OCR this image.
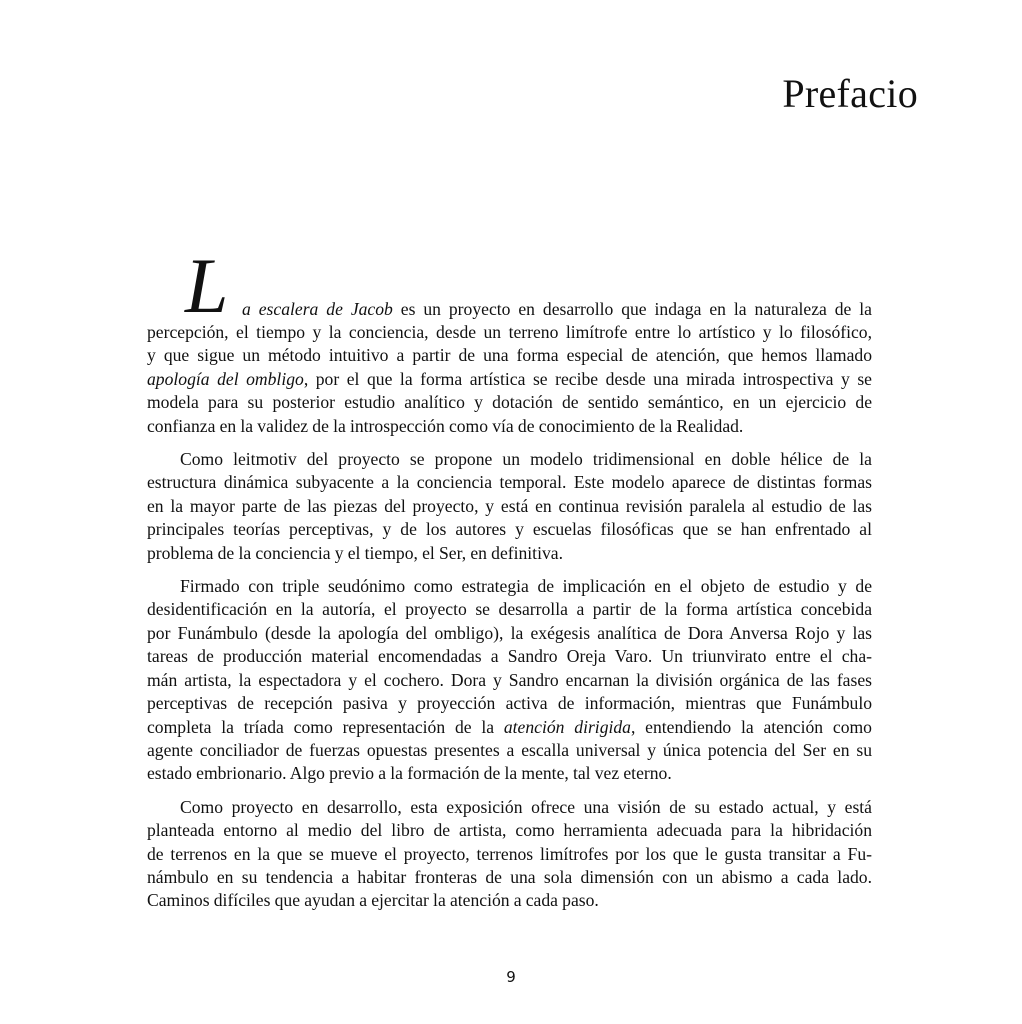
Prefacio
L a escalera de Jacob es un proyecto en desarrollo que indaga en la naturaleza de la
percepción, el tiempo y la conciencia, desde un terreno limítrofe entre lo artístico y lo filosófico,
y que sigue un método intuitivo a partir de una forma especial de atención, que hemos llamado
apología del ombligo, por el que la forma artística se recibe desde una mirada introspectiva y se
modela para su posterior estudio analítico y dotación de sentido semántico, en un ejercicio de
confianza en la validez de la introspección como vía de conocimiento de la Realidad.
Como leitmotiv del proyecto se propone un modelo tridimensional en doble hélice de la
estructura dinámica subyacente a la conciencia temporal. Este modelo aparece de distintas formas
en la mayor parte de las piezas del proyecto, y está en continua revisión paralela al estudio de las
principales teorías perceptivas, y de los autores y escuelas filosóficas que se han enfrentado al
problema de la conciencia y el tiempo, el Ser, en definitiva.
Firmado con triple seudónimo como estrategia de implicación en el objeto de estudio y de
desidentificación en la autoría, el proyecto se desarrolla a partir de la forma artística concebida
por Funámbulo (desde la apología del ombligo), la exégesis analítica de Dora Anversa Rojo y las
tareas de producción material encomendadas a Sandro Oreja Varo. Un triunvirato entre el cha-
mán artista, la espectadora y el cochero. Dora y Sandro encarnan la división orgánica de las fases
perceptivas de recepción pasiva y proyección activa de información, mientras que Funámbulo
completa la tríada como representación de la atención dirigida, entendiendo la atención como
agente conciliador de fuerzas opuestas presentes a escalla universal y única potencia del Ser en su
estado embrionario. Algo previo a la formación de la mente, tal vez eterno.
Como proyecto en desarrollo, esta exposición ofrece una visión de su estado actual, y está
planteada entorno al medio del libro de artista, como herramienta adecuada para la hibridación
de terrenos en la que se mueve el proyecto, terrenos limítrofes por los que le gusta transitar a Fu-
námbulo en su tendencia a habitar fronteras de una sola dimensión con un abismo a cada lado.
Caminos difíciles que ayudan a ejercitar la atención a cada paso.
9
